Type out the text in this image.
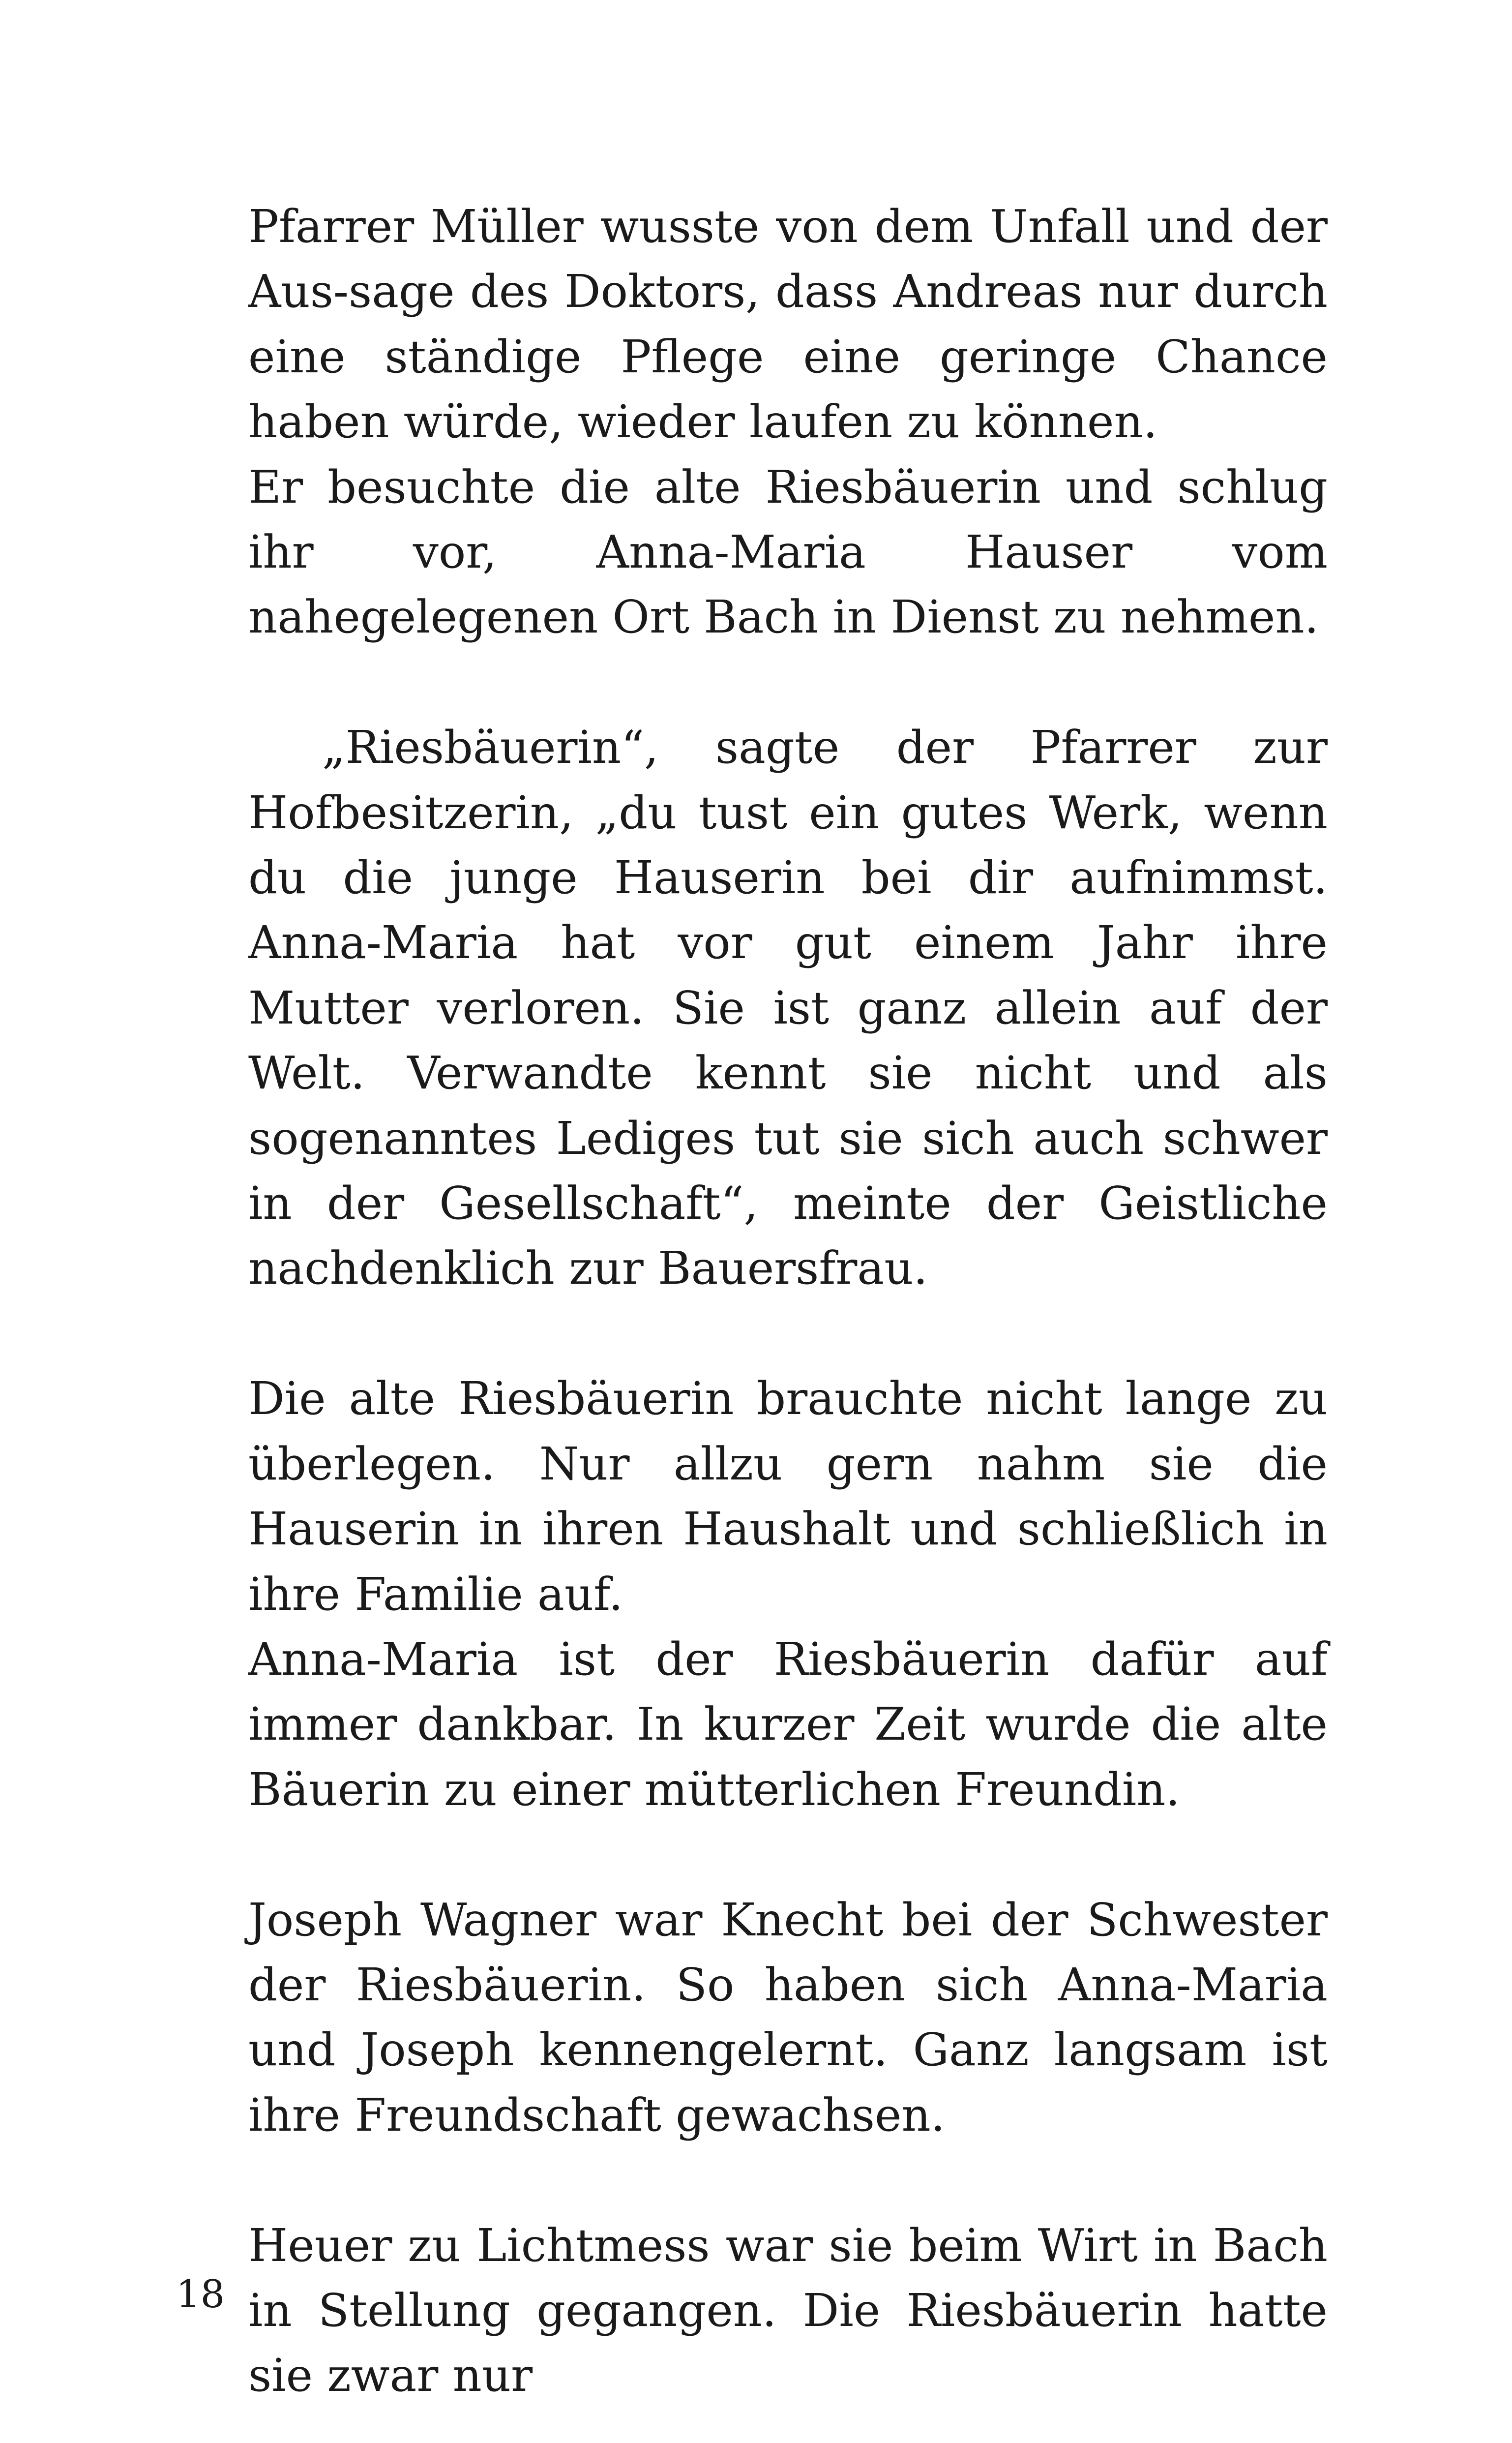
Pfarrer Müller wusste von dem Unfall und der Aus-sage des Doktors, dass Andreas nur durch eine ständige Pflege eine geringe Chance haben würde, wieder laufen zu können.
Er besuchte die alte Riesbäuerin und schlug ihr vor, Anna-Maria Hauser vom nahegelegenen Ort Bach in Dienst zu nehmen.
„Riesbäuerin“, sagte der Pfarrer zur Hofbesitzerin, „du tust ein gutes Werk, wenn du die junge Hauserin bei dir aufnimmst. Anna-Maria hat vor gut einem Jahr ihre Mutter verloren. Sie ist ganz allein auf der Welt. Verwandte kennt sie nicht und als sogenanntes Lediges tut sie sich auch schwer in der Gesellschaft“, meinte der Geistliche nachdenklich zur Bauersfrau.
Die alte Riesbäuerin brauchte nicht lange zu überlegen. Nur allzu gern nahm sie die Hauserin in ihren Haushalt und schließlich in ihre Familie auf.
Anna-Maria ist der Riesbäuerin dafür auf immer dankbar. In kurzer Zeit wurde die alte Bäuerin zu einer mütterlichen Freundin.
Joseph Wagner war Knecht bei der Schwester der Riesbäuerin. So haben sich Anna-Maria und Joseph kennengelernt. Ganz langsam ist ihre Freundschaft gewachsen.
Heuer zu Lichtmess war sie beim Wirt in Bach in Stellung gegangen. Die Riesbäuerin hatte sie zwar nur
18
